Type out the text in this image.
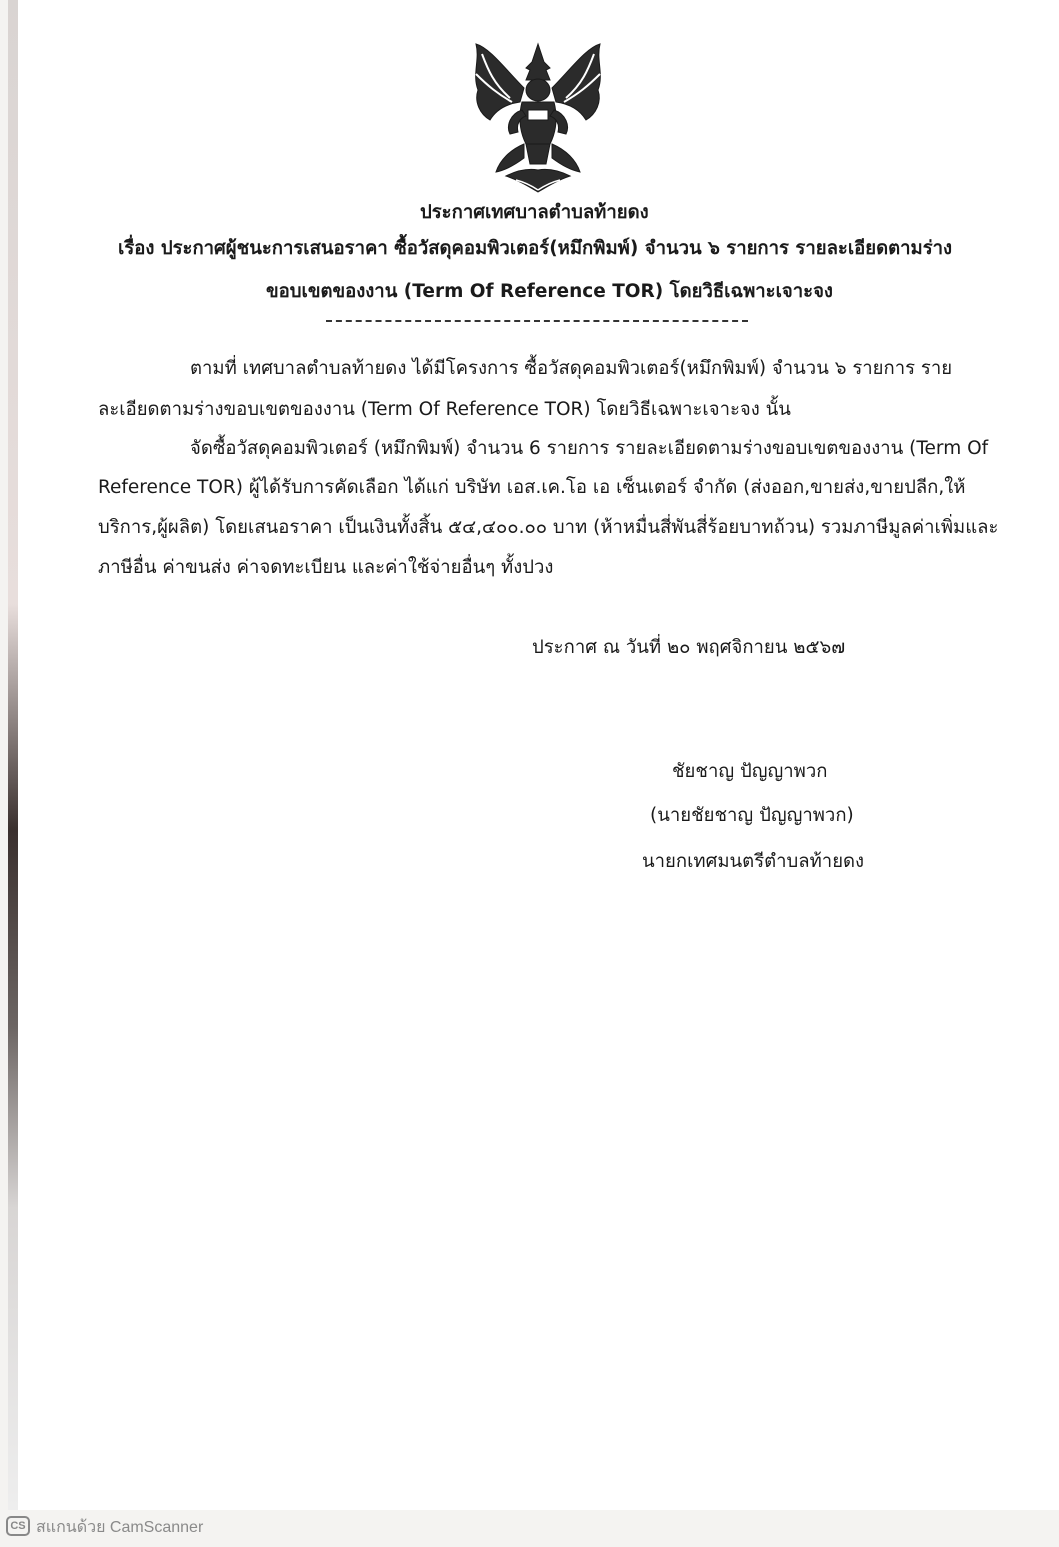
ประกาศเทศบาลตำบลท้ายดง
เรื่อง ประกาศผู้ชนะการเสนอราคา ซื้อวัสดุคอมพิวเตอร์(หมึกพิมพ์) จำนวน ๖ รายการ รายละเอียดตามร่าง
ขอบเขตของงาน (Term Of Reference TOR) โดยวิธีเฉพาะเจาะจง
ตามที่ เทศบาลตำบลท้ายดง ได้มีโครงการ ซื้อวัสดุคอมพิวเตอร์(หมึกพิมพ์) จำนวน ๖ รายการ ราย
ละเอียดตามร่างขอบเขตของงาน (Term Of Reference TOR) โดยวิธีเฉพาะเจาะจง นั้น
จัดซื้อวัสดุคอมพิวเตอร์ (หมึกพิมพ์) จำนวน 6 รายการ รายละเอียดตามร่างขอบเขตของงาน (Term Of
Reference TOR) ผู้ได้รับการคัดเลือก ได้แก่ บริษัท เอส.เค.โอ เอ เซ็นเตอร์ จำกัด (ส่งออก,ขายส่ง,ขายปลีก,ให้
บริการ,ผู้ผลิต) โดยเสนอราคา เป็นเงินทั้งสิ้น ๕๔,๔๐๐.๐๐ บาท (ห้าหมื่นสี่พันสี่ร้อยบาทถ้วน) รวมภาษีมูลค่าเพิ่มและ
ภาษีอื่น ค่าขนส่ง ค่าจดทะเบียน และค่าใช้จ่ายอื่นๆ ทั้งปวง
ประกาศ ณ วันที่ ๒๐ พฤศจิกายน ๒๕๖๗
ชัยชาญ ปัญญาพวก
(นายชัยชาญ ปัญญาพวก)
นายกเทศมนตรีตำบลท้ายดง
CS สแกนด้วย CamScanner
